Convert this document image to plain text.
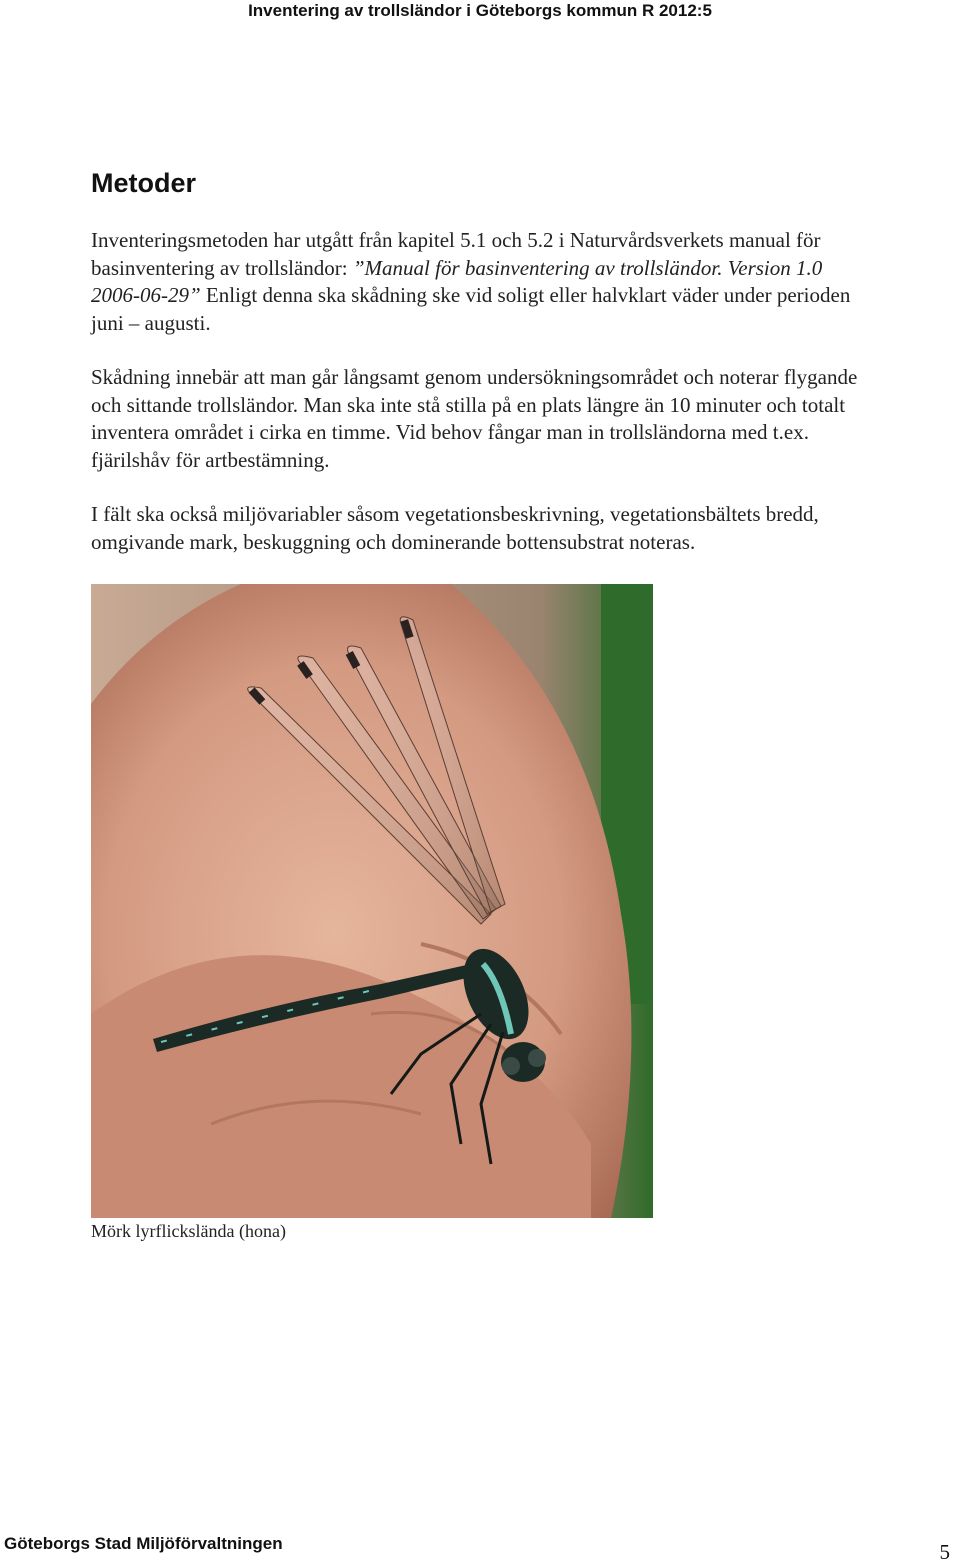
Inventering av trollsländor i Göteborgs kommun R 2012:5
Metoder

Inventeringsmetoden har utgått från kapitel 5.1 och 5.2 i Naturvårdsverkets manual för basinventering av trollsländor: ”Manual för basinventering av trollsländor. Version 1.0 2006-06-29” Enligt denna ska skådning ske vid soligt eller halvklart väder under perioden juni – augusti.

Skådning innebär att man går långsamt genom undersökningsområdet och noterar flygande och sittande trollsländor. Man ska inte stå stilla på en plats längre än 10 minuter och totalt inventera området i cirka en timme. Vid behov fångar man in trollsländorna med t.ex. fjärilshåv för artbestämning.

I fält ska också miljövariabler såsom vegetationsbeskrivning, vegetationsbältets bredd, omgivande mark, beskuggning och dominerande bottensubstrat noteras.

Mörk lyrflickslända (hona)

Göteborgs Stad Miljöförvaltningen	5
